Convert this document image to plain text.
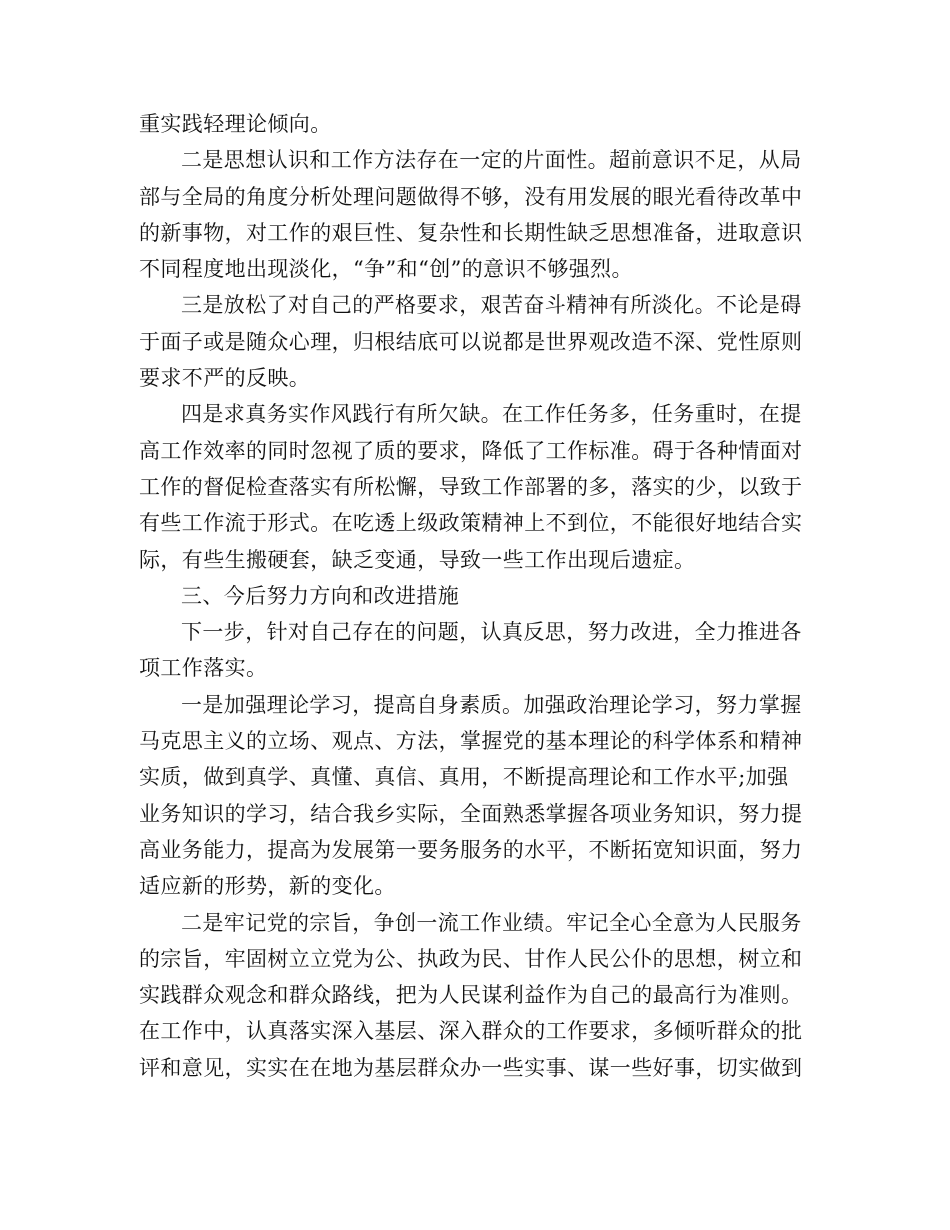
重实践轻理论倾向。
二是思想认识和工作方法存在一定的片面性。超前意识不足，从局
部与全局的角度分析处理问题做得不够，没有用发展的眼光看待改革中
的新事物，对工作的艰巨性、复杂性和长期性缺乏思想准备，进取意识
不同程度地出现淡化，“争”和“创”的意识不够强烈。
三是放松了对自己的严格要求，艰苦奋斗精神有所淡化。不论是碍
于面子或是随众心理，归根结底可以说都是世界观改造不深、党性原则
要求不严的反映。
四是求真务实作风践行有所欠缺。在工作任务多，任务重时，在提
高工作效率的同时忽视了质的要求，降低了工作标准。碍于各种情面对
工作的督促检查落实有所松懈，导致工作部署的多，落实的少，以致于
有些工作流于形式。在吃透上级政策精神上不到位，不能很好地结合实
际，有些生搬硬套，缺乏变通，导致一些工作出现后遗症。
三、今后努力方向和改进措施
下一步，针对自己存在的问题，认真反思，努力改进，全力推进各
项工作落实。
一是加强理论学习，提高自身素质。加强政治理论学习，努力掌握
马克思主义的立场、观点、方法，掌握党的基本理论的科学体系和精神
实质，做到真学、真懂、真信、真用，不断提高理论和工作水平;加强
业务知识的学习，结合我乡实际，全面熟悉掌握各项业务知识，努力提
高业务能力，提高为发展第一要务服务的水平，不断拓宽知识面，努力
适应新的形势，新的变化。
二是牢记党的宗旨，争创一流工作业绩。牢记全心全意为人民服务
的宗旨，牢固树立立党为公、执政为民、甘作人民公仆的思想，树立和
实践群众观念和群众路线，把为人民谋利益作为自己的最高行为准则。
在工作中，认真落实深入基层、深入群众的工作要求，多倾听群众的批
评和意见，实实在在地为基层群众办一些实事、谋一些好事，切实做到
